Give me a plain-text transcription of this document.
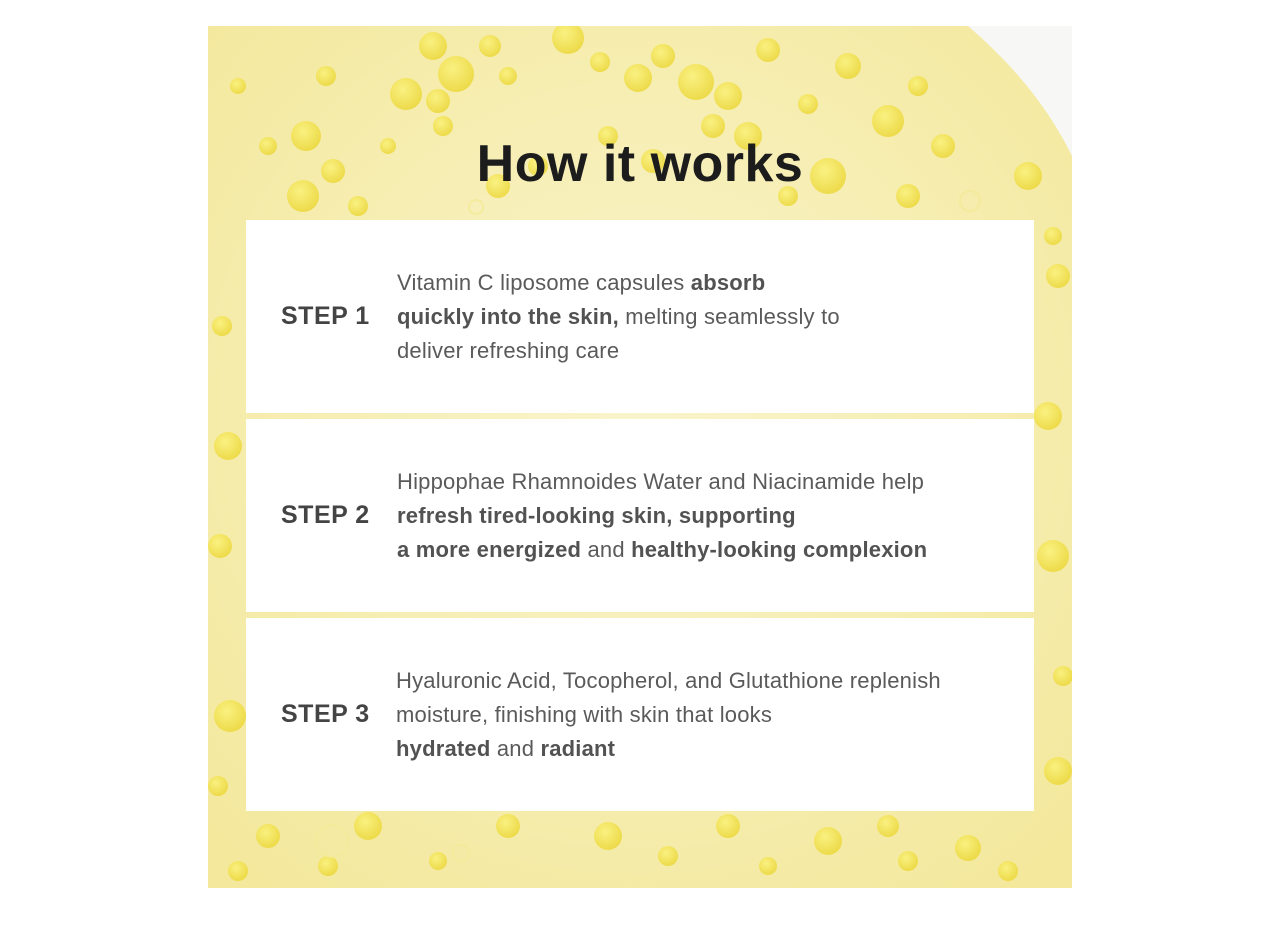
How it works
STEP 1
Vitamin C liposome capsules absorb
quickly into the skin, melting seamlessly to
deliver refreshing care
STEP 2
Hippophae Rhamnoides Water and Niacinamide help
refresh tired-looking skin, supporting
a more energized and healthy-looking complexion
STEP 3
Hyaluronic Acid, Tocopherol, and Glutathione replenish
moisture, finishing with skin that looks
hydrated and radiant
